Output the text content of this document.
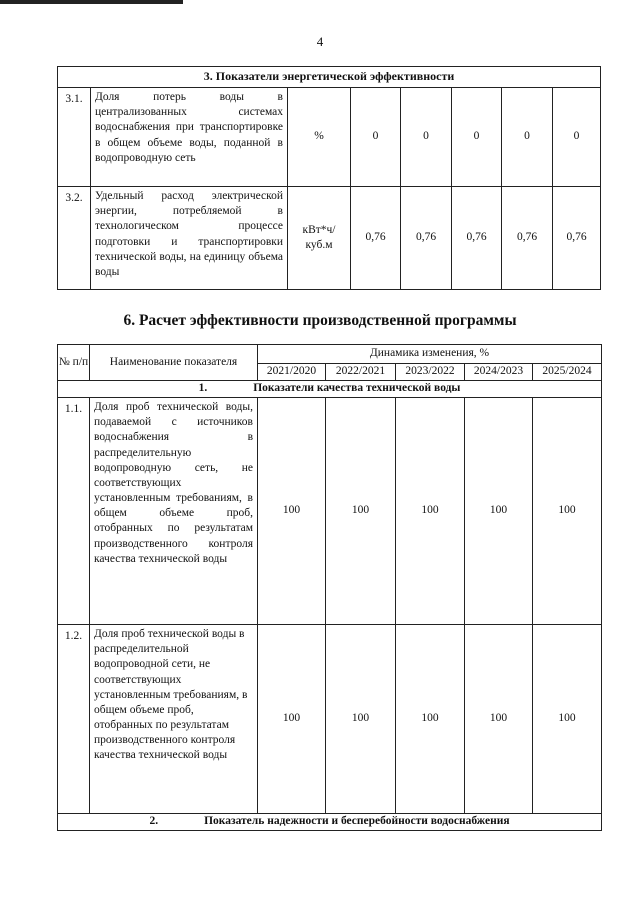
4
3. Показатели энергетической эффективности							
3.1.	Доля потерь воды в централизованных системах водоснабжения при транспортировке в общем объеме воды, поданной в водопроводную сеть	%	0	0	0	0	0
3.2.	Удельный расход электрической энергии, потребляемой в технологическом процессе подготовки и транспортировки технической воды, на единицу объема воды	кВт*ч/ куб.м	0,76	0,76	0,76	0,76	0,76
6. Расчет эффективности производственной программы
№ п/п	Наименование показателя	Динамика изменения, %				
		2021/2020	2022/2021	2023/2022	2024/2023	2025/2024
1. Показатели качества технической воды						
1.1.	Доля проб технической воды, подаваемой с источников водоснабжения в распределительную водопроводную сеть, не соответствующих установленным требованиям, в общем объеме проб, отобранных по результатам производственного контроля качества технической воды	100	100	100	100	100
1.2.	Доля проб технической воды в распределительной водопроводной сети, не соответствующих установленным требованиям, в общем объеме проб, отобранных по результатам производственного контроля качества технической воды	100	100	100	100	100
2. Показатель надежности и бесперебойности водоснабжения						
